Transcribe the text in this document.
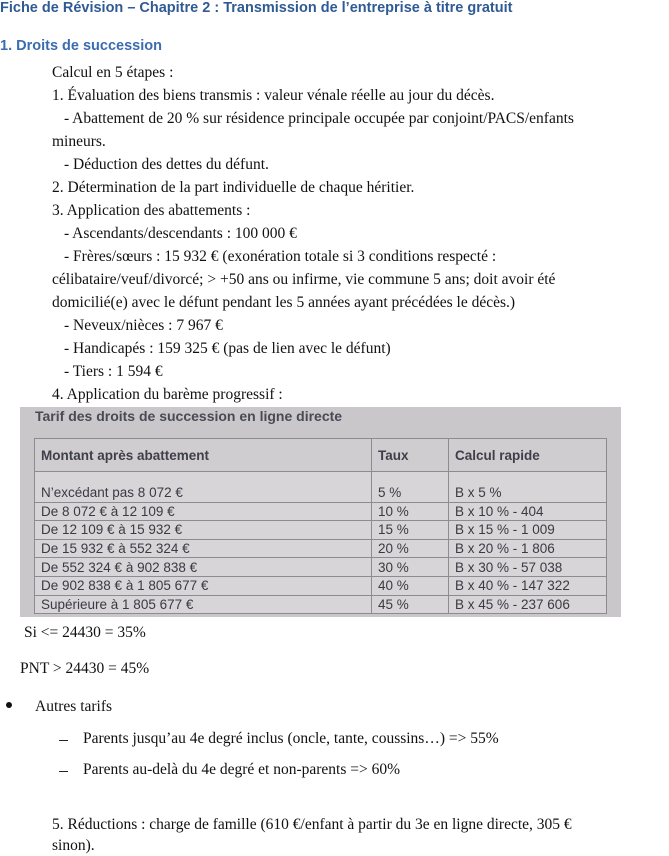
Fiche de Révision – Chapitre 2 : Transmission de l’entreprise à titre gratuit
1. Droits de succession
Calcul en 5 étapes :
1. Évaluation des biens transmis : valeur vénale réelle au jour du décès.
- Abattement de 20 % sur résidence principale occupée par conjoint/PACS/enfants
mineurs.
- Déduction des dettes du défunt.
2. Détermination de la part individuelle de chaque héritier.
3. Application des abattements :
- Ascendants/descendants : 100 000 €
- Frères/sœurs : 15 932 € (exonération totale si 3 conditions respecté :
célibataire/veuf/divorcé; > +50 ans ou infirme, vie commune 5 ans; doit avoir été
domicilié(e) avec le défunt pendant les 5 années ayant précédées le décès.)
- Neveux/nièces : 7 967 €
- Handicapés : 159 325 € (pas de lien avec le défunt)
- Tiers : 1 594 €
4. Application du barème progressif :
Tarif des droits de succession en ligne directe
Montant après abattement	Taux	Calcul rapide
N’excédant pas 8 072 €	5 %	B x 5 %
De 8 072 € à 12 109 €	10 %	B x 10 % - 404
De 12 109 € à 15 932 €	15 %	B x 15 % - 1 009
De 15 932 € à 552 324 €	20 %	B x 20 % - 1 806
De 552 324 € à 902 838 €	30 %	B x 30 % - 57 038
De 902 838 € à 1 805 677 €	40 %	B x 40 % - 147 322
Supérieure à 1 805 677 €	45 %	B x 45 % - 237 606
Si <= 24430 = 35%
PNT > 24430 = 45%
Autres tarifs
Parents jusqu’au 4e degré inclus (oncle, tante, coussins…) => 55%
Parents au-delà du 4e degré et non-parents => 60%
5. Réductions : charge de famille (610 €/enfant à partir du 3e en ligne directe, 305 €
sinon).
